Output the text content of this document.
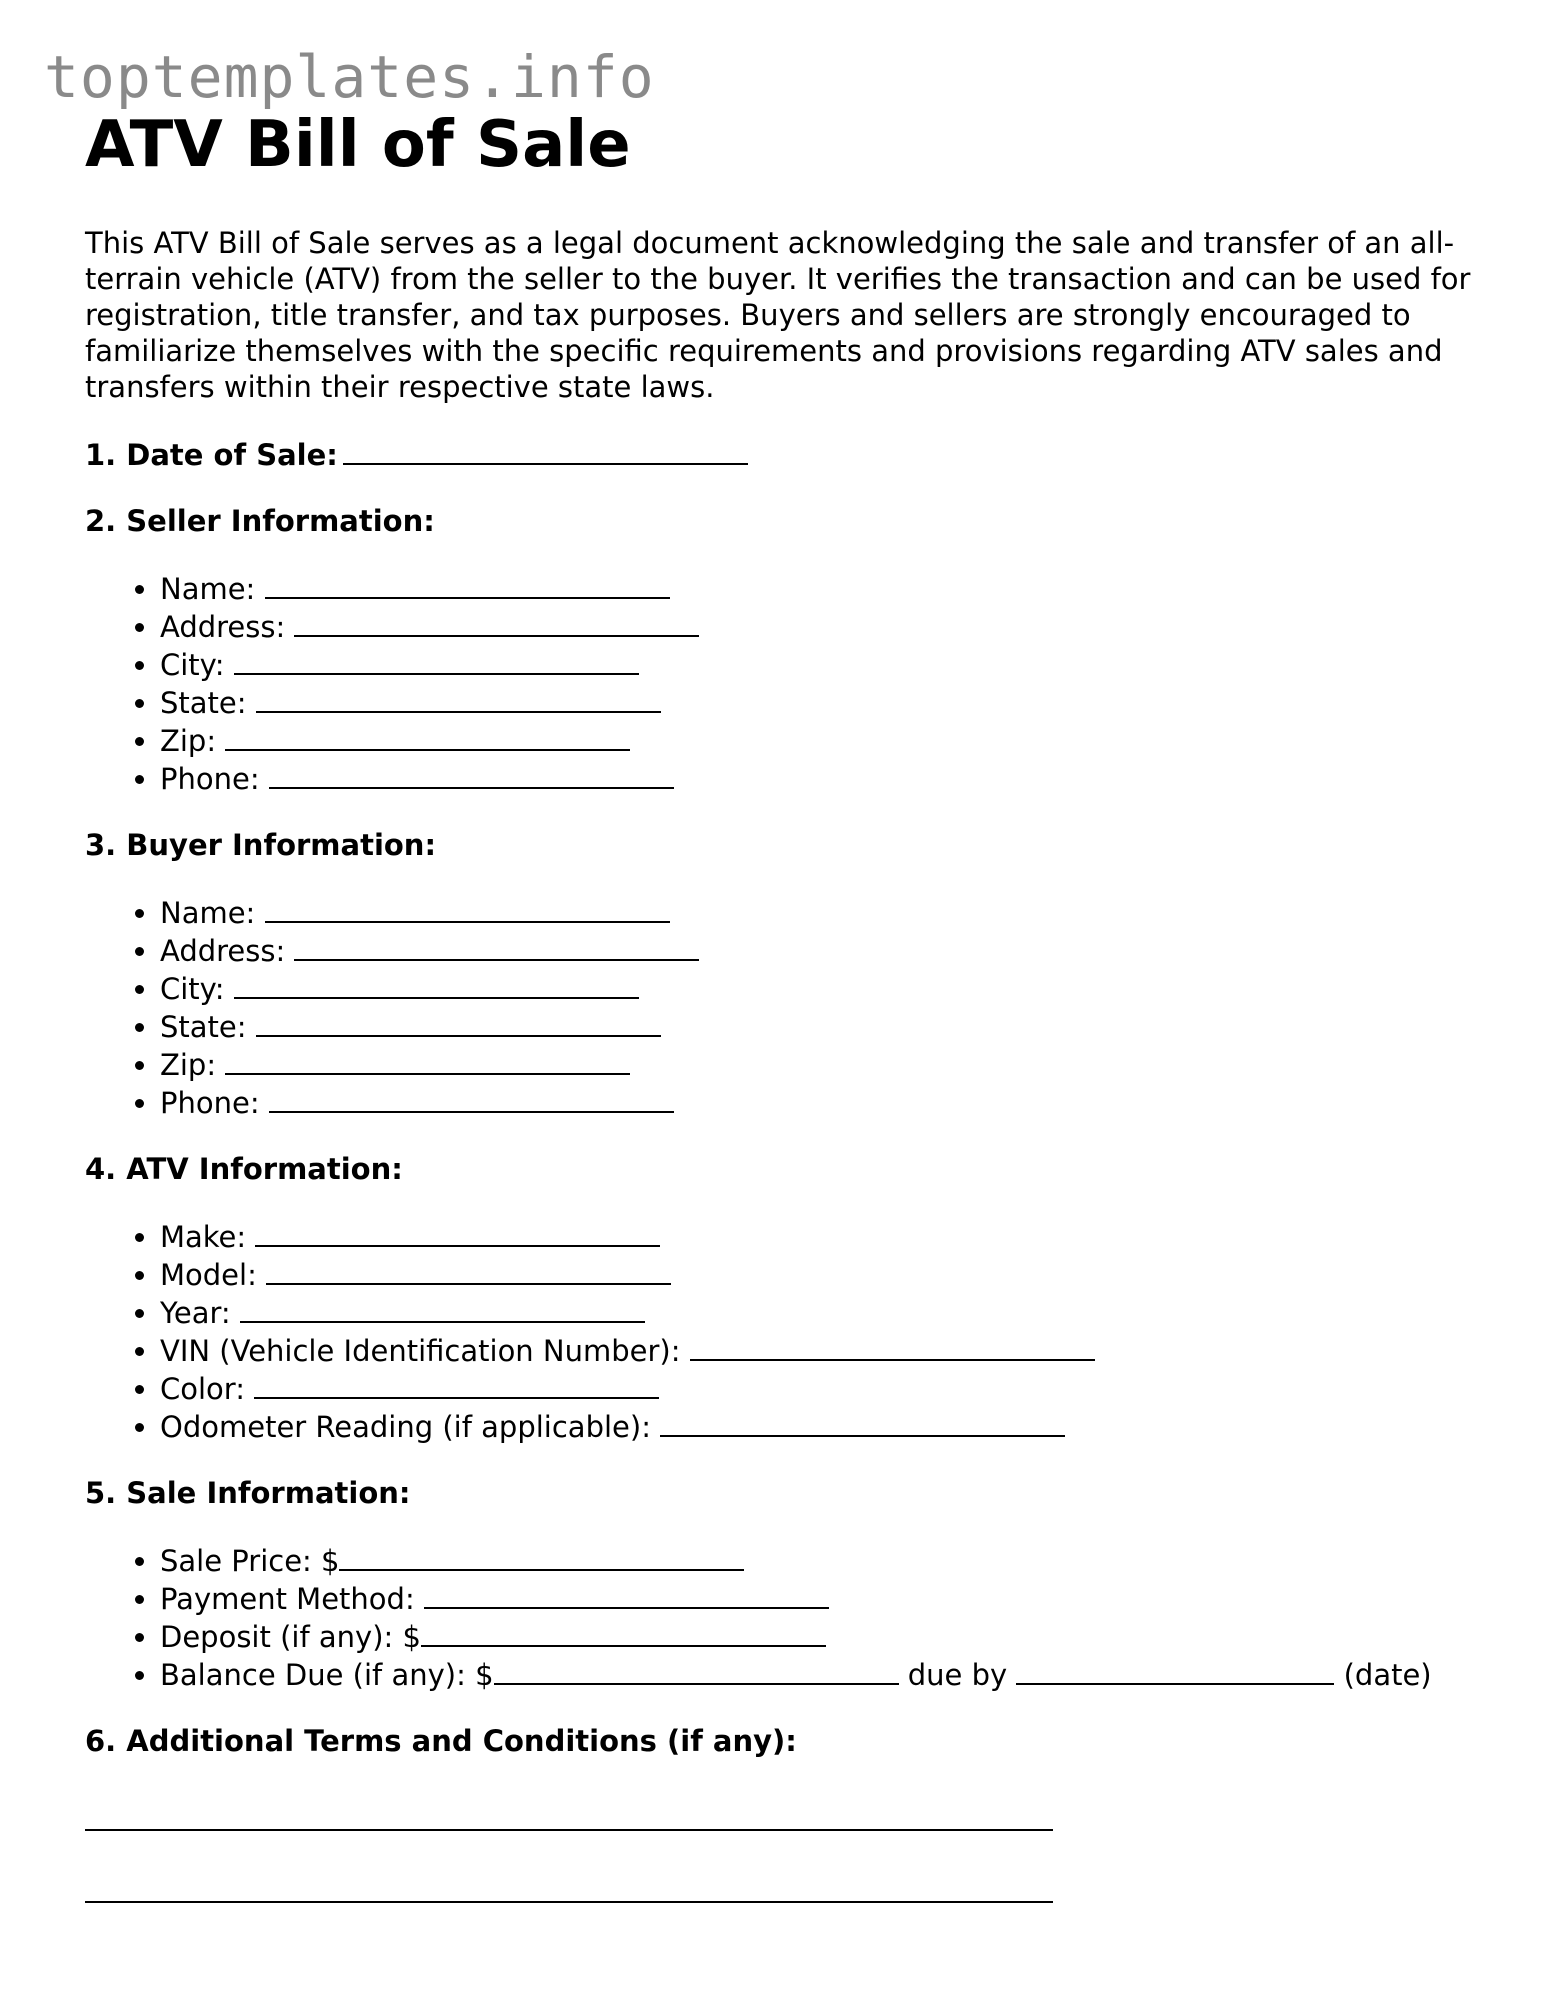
toptemplates.info
ATV Bill of Sale

This ATV Bill of Sale serves as a legal document acknowledging the sale and transfer of an all-terrain vehicle (ATV) from the seller to the buyer. It verifies the transaction and can be used for registration, title transfer, and tax purposes. Buyers and sellers are strongly encouraged to familiarize themselves with the specific requirements and provisions regarding ATV sales and transfers within their respective state laws.

1. Date of Sale:
2. Seller Information:
• Name:
• Address:
• City:
• State:
• Zip:
• Phone:
3. Buyer Information:
• Name:
• Address:
• City:
• State:
• Zip:
• Phone:
4. ATV Information:
• Make:
• Model:
• Year:
• VIN (Vehicle Identification Number):
• Color:
• Odometer Reading (if applicable):
5. Sale Information:
• Sale Price: $
• Payment Method:
• Deposit (if any): $
• Balance Due (if any): $	due by	(date)
6. Additional Terms and Conditions (if any):
